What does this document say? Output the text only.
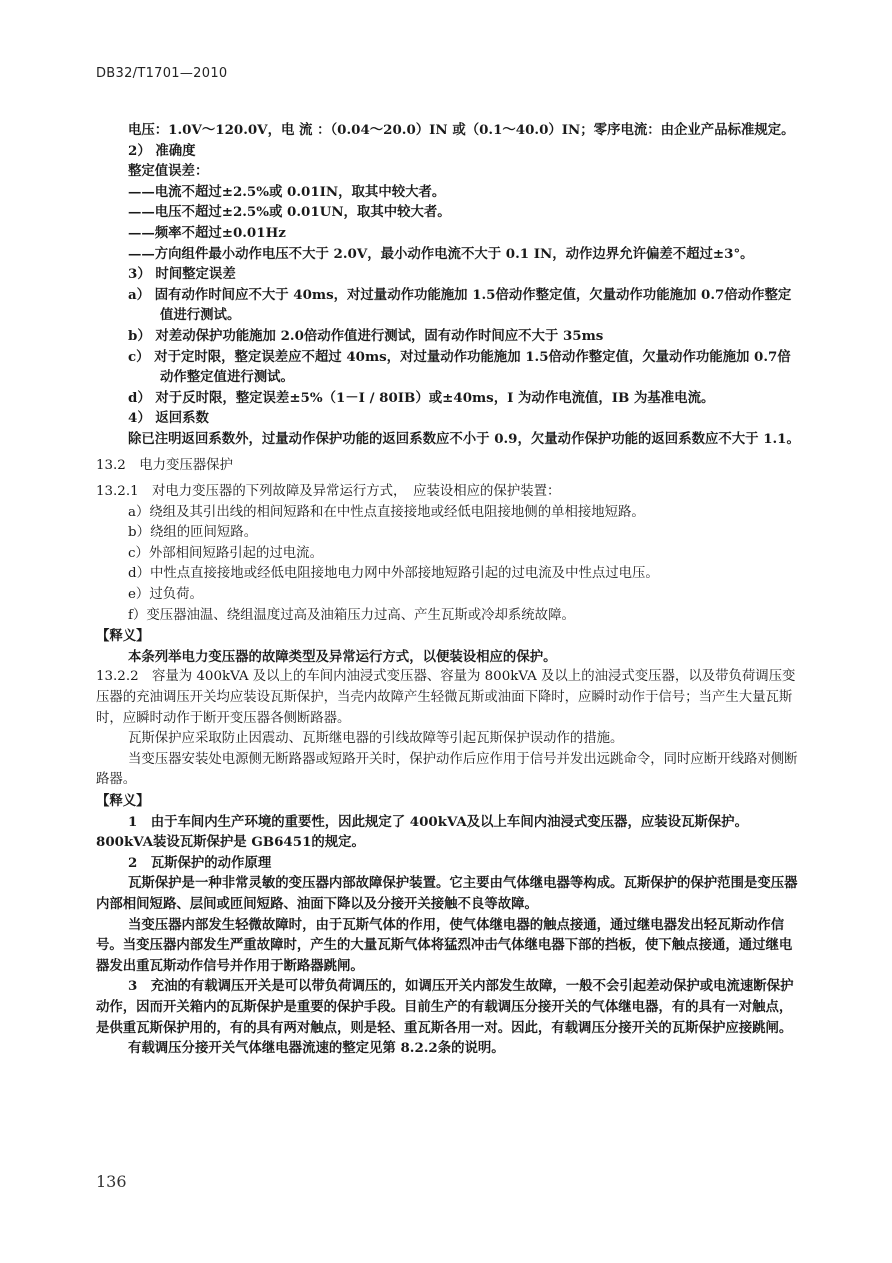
DB32/T1701—2010

电压：1.0V～120.0V，电 流 ：（0.04～20.0）IN 或（0.1～40.0）IN；零序电流：由企业产品标准规定。

2） 准确度

整定值误差：

——电流不超过±2.5%或 0.01IN，取其中较大者。

——电压不超过±2.5%或 0.01UN，取其中较大者。

——频率不超过±0.01Hz

——方向组件最小动作电压不大于 2.0V，最小动作电流不大于 0.1 IN，动作边界允许偏差不超过±3°。

3） 时间整定误差

a） 固有动作时间应不大于 40ms，对过量动作功能施加 1.5倍动作整定值，欠量动作功能施加 0.7倍动作整定值进行测试。

b） 对差动保护功能施加 2.0倍动作值进行测试，固有动作时间应不大于 35ms

c） 对于定时限，整定误差应不超过 40ms，对过量动作功能施加 1.5倍动作整定值，欠量动作功能施加 0.7倍动作整定值进行测试。

d） 对于反时限，整定误差±5%（1－I / 80IB）或±40ms，I 为动作电流值，IB 为基准电流。

4） 返回系数

除已注明返回系数外，过量动作保护功能的返回系数应不小于 0.9，欠量动作保护功能的返回系数应不大于 1.1。

13.2　电力变压器保护

13.2.1　对电力变压器的下列故障及异常运行方式，　应装设相应的保护装置：

a）绕组及其引出线的相间短路和在中性点直接接地或经低电阻接地侧的单相接地短路。

b）绕组的匝间短路。

c）外部相间短路引起的过电流。

d）中性点直接接地或经低电阻接地电力网中外部接地短路引起的过电流及中性点过电压。

e）过负荷。

f）变压器油温、绕组温度过高及油箱压力过高、产生瓦斯或冷却系统故障。

【释义】

本条列举电力变压器的故障类型及异常运行方式，以便装设相应的保护。

13.2.2　容量为 400kVA 及以上的车间内油浸式变压器、容量为 800kVA 及以上的油浸式变压器，以及带负荷调压变压器的充油调压开关均应装设瓦斯保护，当壳内故障产生轻微瓦斯或油面下降时，应瞬时动作于信号；当产生大量瓦斯时，应瞬时动作于断开变压器各侧断路器。

瓦斯保护应采取防止因震动、瓦斯继电器的引线故障等引起瓦斯保护误动作的措施。

当变压器安装处电源侧无断路器或短路开关时，保护动作后应作用于信号并发出远跳命令，同时应断开线路对侧断路器。

【释义】

1　由于车间内生产环境的重要性，因此规定了 400kVA及以上车间内油浸式变压器，应装设瓦斯保护。800kVA装设瓦斯保护是 GB6451的规定。

2　瓦斯保护的动作原理

瓦斯保护是一种非常灵敏的变压器内部故障保护装置。它主要由气体继电器等构成。瓦斯保护的保护范围是变压器内部相间短路、层间或匝间短路、油面下降以及分接开关接触不良等故障。

当变压器内部发生轻微故障时，由于瓦斯气体的作用，使气体继电器的触点接通，通过继电器发出轻瓦斯动作信号。当变压器内部发生严重故障时，产生的大量瓦斯气体将猛烈冲击气体继电器下部的挡板，使下触点接通，通过继电器发出重瓦斯动作信号并作用于断路器跳闸。

3　充油的有载调压开关是可以带负荷调压的，如调压开关内部发生故障，一般不会引起差动保护或电流速断保护动作，因而开关箱内的瓦斯保护是重要的保护手段。目前生产的有载调压分接开关的气体继电器，有的具有一对触点，是供重瓦斯保护用的，有的具有两对触点，则是轻、重瓦斯各用一对。因此，有载调压分接开关的瓦斯保护应接跳闸。

有载调压分接开关气体继电器流速的整定见第 8.2.2条的说明。

136
